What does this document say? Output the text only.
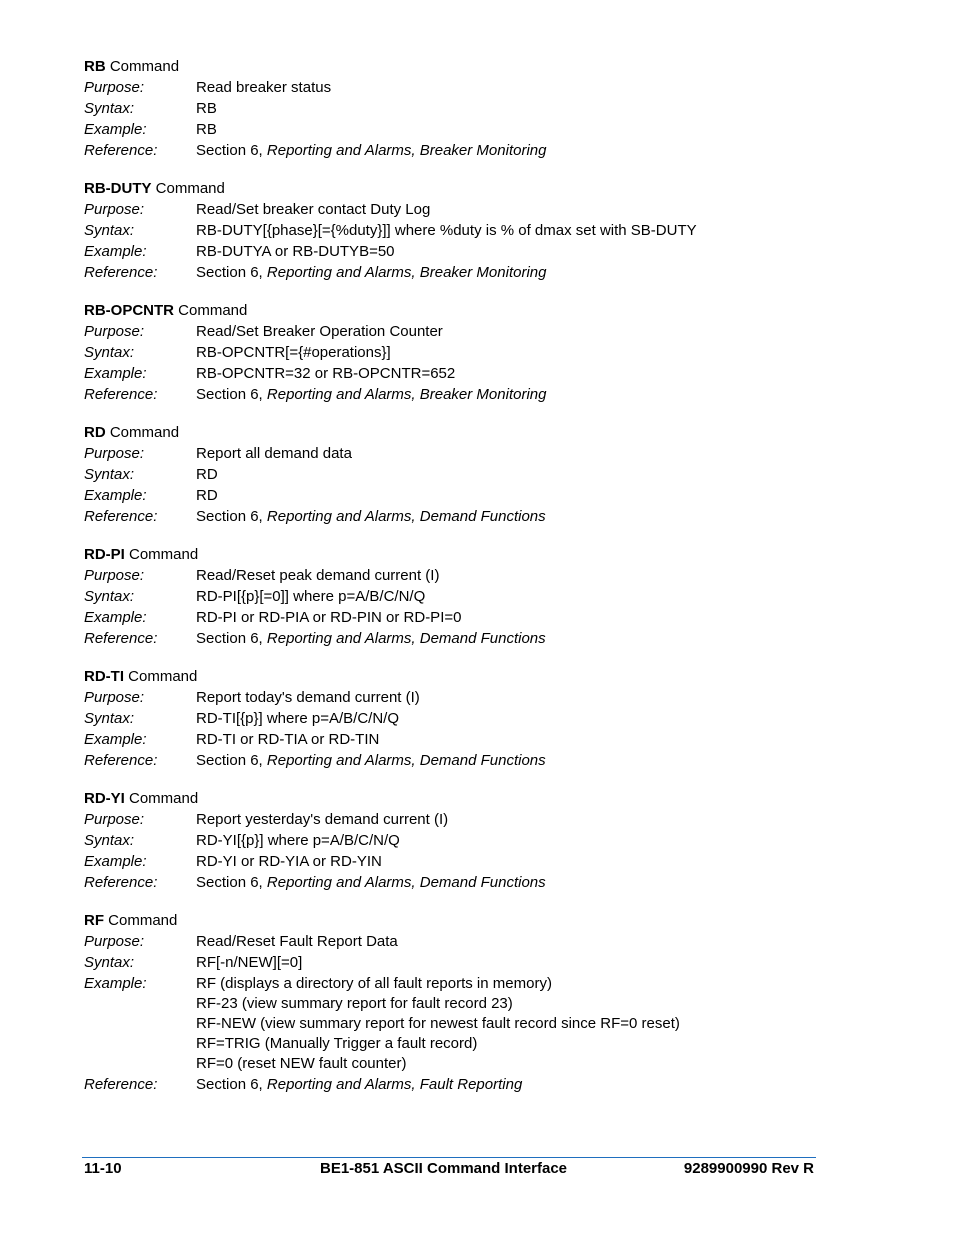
RB Command
Purpose:	Read breaker status
Syntax:	RB
Example:	RB
Reference:	Section 6, Reporting and Alarms, Breaker Monitoring
RB-DUTY Command
Purpose:	Read/Set breaker contact Duty Log
Syntax:	RB-DUTY[{phase}[={%duty}]] where %duty is % of dmax set with SB-DUTY
Example:	RB-DUTYA or RB-DUTYB=50
Reference:	Section 6, Reporting and Alarms, Breaker Monitoring
RB-OPCNTR Command
Purpose:	Read/Set Breaker Operation Counter
Syntax:	RB-OPCNTR[={#operations}]
Example:	RB-OPCNTR=32 or RB-OPCNTR=652
Reference:	Section 6, Reporting and Alarms, Breaker Monitoring
RD Command
Purpose:	Report all demand data
Syntax:	RD
Example:	RD
Reference:	Section 6, Reporting and Alarms, Demand Functions
RD-PI Command
Purpose:	Read/Reset peak demand current (I)
Syntax:	RD-PI[{p}[=0]] where p=A/B/C/N/Q
Example:	RD-PI or RD-PIA or RD-PIN or RD-PI=0
Reference:	Section 6, Reporting and Alarms, Demand Functions
RD-TI Command
Purpose:	Report today's demand current (I)
Syntax:	RD-TI[{p}] where p=A/B/C/N/Q
Example:	RD-TI or RD-TIA or RD-TIN
Reference:	Section 6, Reporting and Alarms, Demand Functions
RD-YI Command
Purpose:	Report yesterday's demand current (I)
Syntax:	RD-YI[{p}] where p=A/B/C/N/Q
Example:	RD-YI or RD-YIA or RD-YIN
Reference:	Section 6, Reporting and Alarms, Demand Functions
RF Command
Purpose:	Read/Reset Fault Report Data
Syntax:	RF[-n/NEW][=0]
Example:	RF (displays a directory of all fault reports in memory)
RF-23 (view summary report for fault record 23)
RF-NEW (view summary report for newest fault record since RF=0 reset)
RF=TRIG (Manually Trigger a fault record)
RF=0 (reset NEW fault counter)
Reference:	Section 6, Reporting and Alarms, Fault Reporting
11-10	BE1-851 ASCII Command Interface	9289900990 Rev R
